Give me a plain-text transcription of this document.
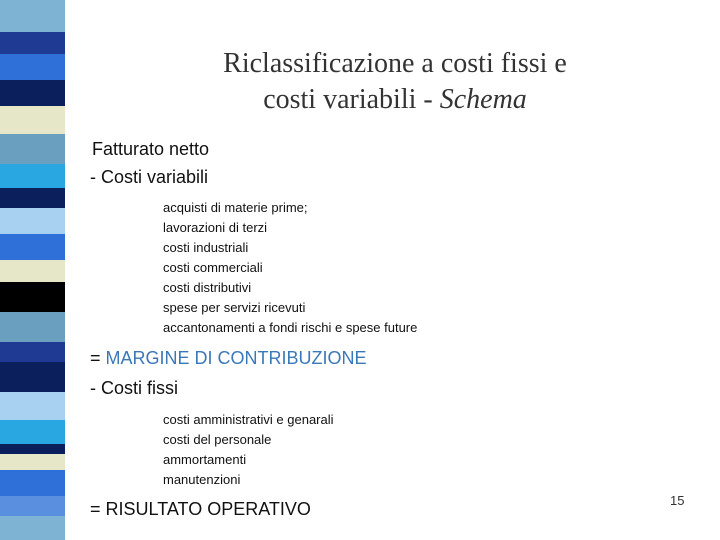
Riclassificazione a costi fissi e
costi variabili - Schema
Fatturato netto
- Costi variabili
acquisti di materie prime;
lavorazioni di terzi
costi industriali
costi commerciali
costi distributivi
spese per servizi ricevuti
accantonamenti a fondi rischi e spese future
= MARGINE DI CONTRIBUZIONE
- Costi fissi
costi amministrativi e genarali
costi del personale
ammortamenti
manutenzioni
= RISULTATO OPERATIVO	15
